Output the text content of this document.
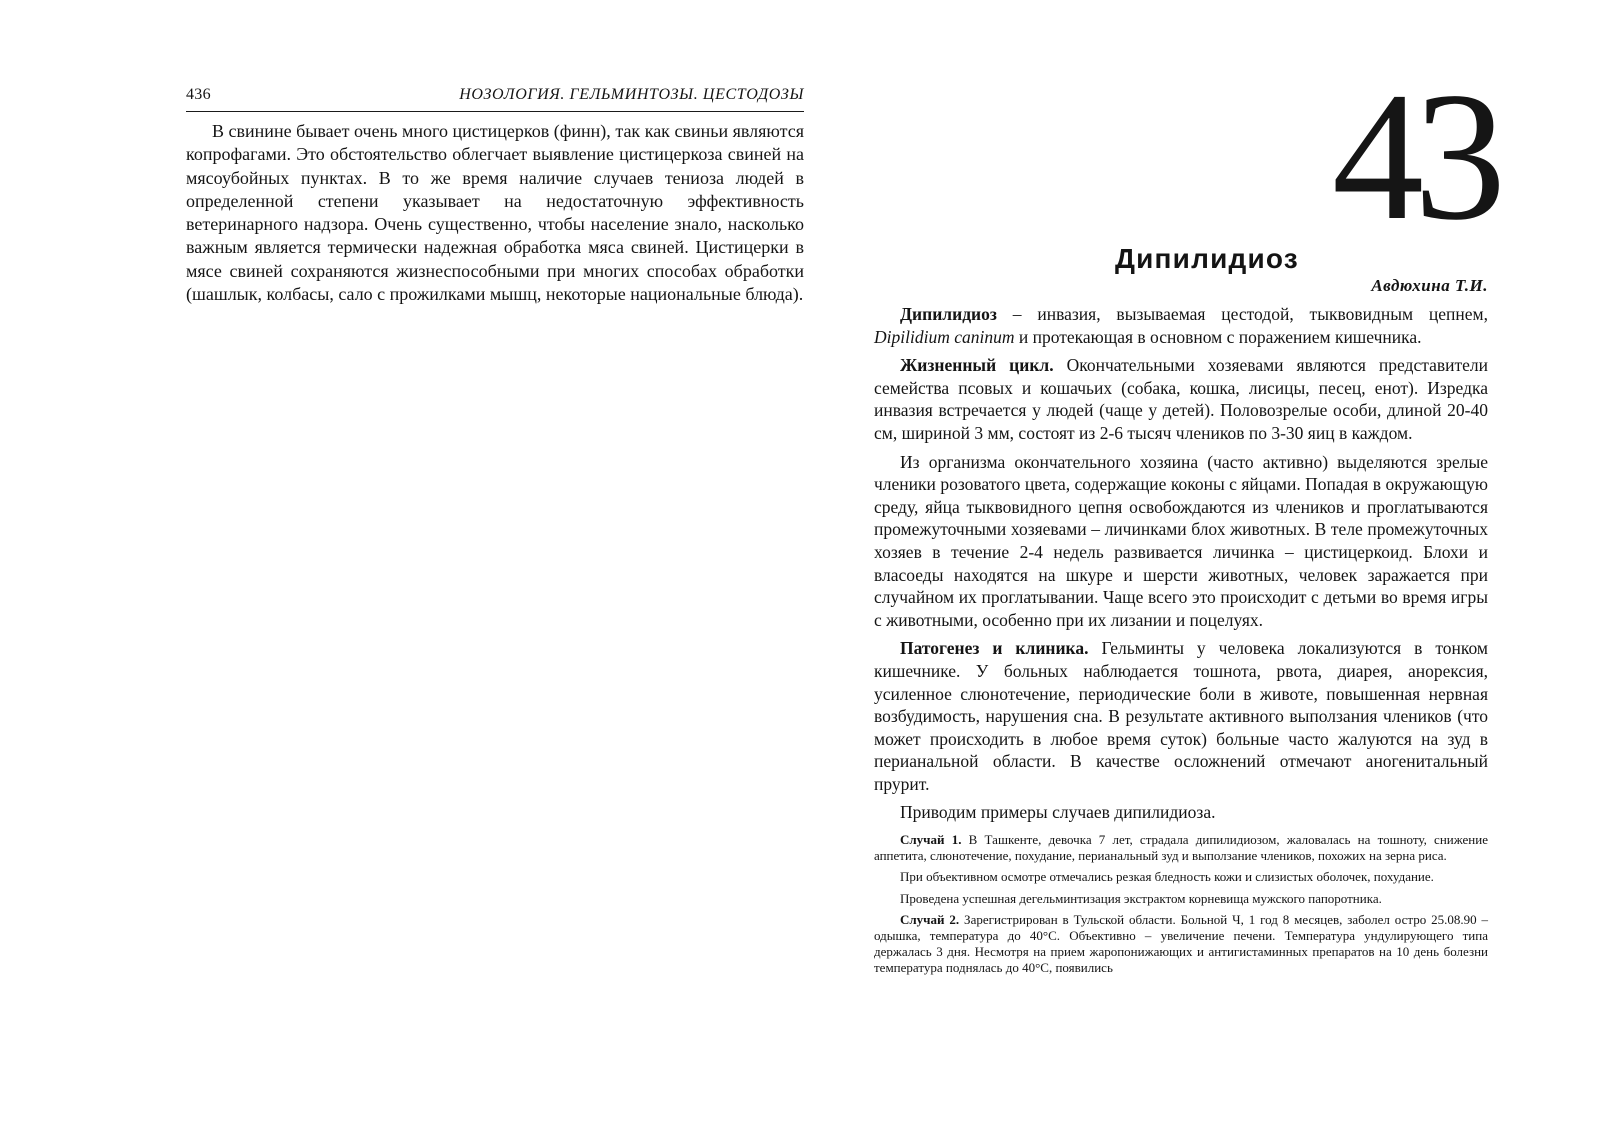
436	НОЗОЛОГИЯ. ГЕЛЬМИНТОЗЫ. ЦЕСТОДОЗЫ

В свинине бывает очень много цистицерков (финн), так как свиньи являются копрофагами. Это обстоятельство облегчает выявление цистицеркоза свиней на мясоубойных пунктах. В то же время наличие случаев тениоза людей в определенной степени указывает на недостаточную эффективность ветеринарного надзора. Очень существенно, чтобы население знало, насколько важным является термически надежная обработка мяса свиней. Цистицерки в мясе свиней сохраняются жизнеспособными при многих способах обработки (шашлык, колбасы, сало с прожилками мышц, некоторые национальные блюда).

43
Дипилидиоз
Авдюхина Т.И.

Дипилидиоз – инвазия, вызываемая цестодой, тыквовидным цепнем, Dipilidium caninum и протекающая в основном с поражением кишечника.

Жизненный цикл. Окончательными хозяевами являются представители семейства псовых и кошачьих (собака, кошка, лисицы, песец, енот). Изредка инвазия встречается у людей (чаще у детей). Половозрелые особи, длиной 20-40 см, шириной 3 мм, состоят из 2-6 тысяч члеников по 3-30 яиц в каждом.

Из организма окончательного хозяина (часто активно) выделяются зрелые членики розоватого цвета, содержащие коконы с яйцами. Попадая в окружающую среду, яйца тыквовидного цепня освобождаются из члеников и проглатываются промежуточными хозяевами – личинками блох животных. В теле промежуточных хозяев в течение 2-4 недель развивается личинка – цистицеркоид. Блохи и власоеды находятся на шкуре и шерсти животных, человек заражается при случайном их проглатывании. Чаще всего это происходит с детьми во время игры с животными, особенно при их лизании и поцелуях.

Патогенез и клиника. Гельминты у человека локализуются в тонком кишечнике. У больных наблюдается тошнота, рвота, диарея, анорексия, усиленное слюнотечение, периодические боли в животе, повышенная нервная возбудимость, нарушения сна. В результате активного выползания члеников (что может происходить в любое время суток) больные часто жалуются на зуд в перианальной области. В качестве осложнений отмечают аногенитальный прурит.

Приводим примеры случаев дипилидиоза.

Случай 1. В Ташкенте, девочка 7 лет, страдала дипилидиозом, жаловалась на тошноту, снижение аппетита, слюнотечение, похудание, перианальный зуд и выползание члеников, похожих на зерна риса.

При объективном осмотре отмечались резкая бледность кожи и слизистых оболочек, похудание.

Проведена успешная дегельминтизация экстрактом корневища мужского папоротника.

Случай 2. Зарегистрирован в Тульской области. Больной Ч, 1 год 8 месяцев, заболел остро 25.08.90 – одышка, температура до 40°С. Объективно – увеличение печени. Температура ундулирующего типа держалась 3 дня. Несмотря на прием жаропонижающих и антигистаминных препаратов на 10 день болезни температура поднялась до 40°С, появились
